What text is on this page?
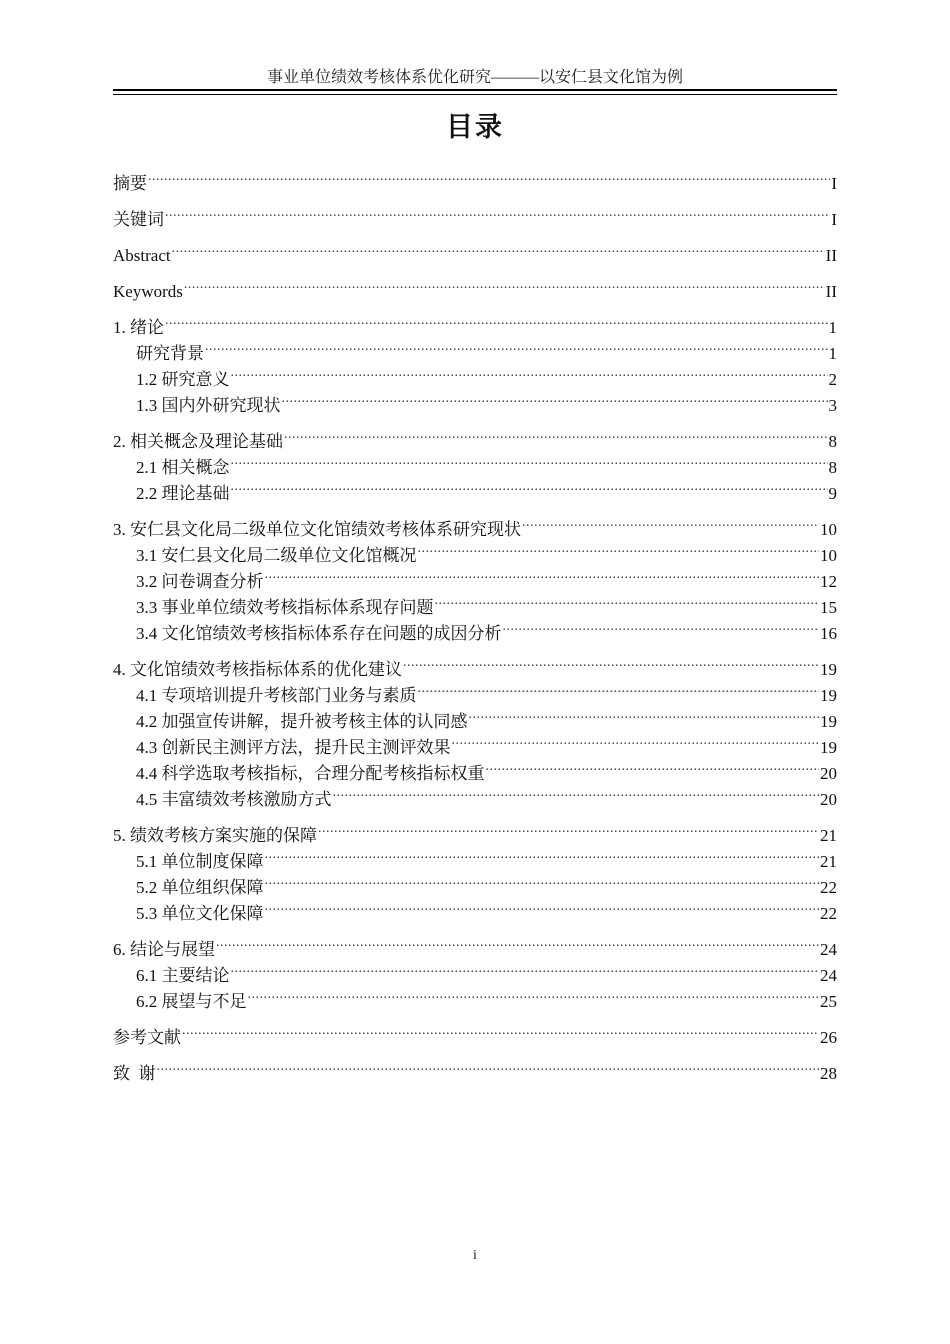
事业单位绩效考核体系优化研究———以安仁县文化馆为例
目录
摘要 .....	I
关键词 .....	I
Abstract .....	II
Keywords .....	II
1. 绪论 .....	1
研究背景 .....	1
1.2 研究意义 .....	2
1.3 国内外研究现状 .....	3
2. 相关概念及理论基础 .....	8
2.1 相关概念 .....	8
2.2 理论基础 .....	9
3. 安仁县文化局二级单位文化馆绩效考核体系研究现状 .....	10
3.1 安仁县文化局二级单位文化馆概况 .....	10
3.2 问卷调查分析 .....	12
3.3 事业单位绩效考核指标体系现存问题 .....	15
3.4 文化馆绩效考核指标体系存在问题的成因分析 .....	16
4. 文化馆绩效考核指标体系的优化建议 .....	19
4.1 专项培训提升考核部门业务与素质 .....	19
4.2 加强宣传讲解，提升被考核主体的认同感 .....	19
4.3 创新民主测评方法，提升民主测评效果 .....	19
4.4 科学选取考核指标，合理分配考核指标权重 .....	20
4.5 丰富绩效考核激励方式 .....	20
5. 绩效考核方案实施的保障 .....	21
5.1 单位制度保障 .....	21
5.2 单位组织保障 .....	22
5.3 单位文化保障 .....	22
6. 结论与展望 .....	24
6.1 主要结论 .....	24
6.2 展望与不足 .....	25
参考文献 .....	26
致  谢 .....	28
i
